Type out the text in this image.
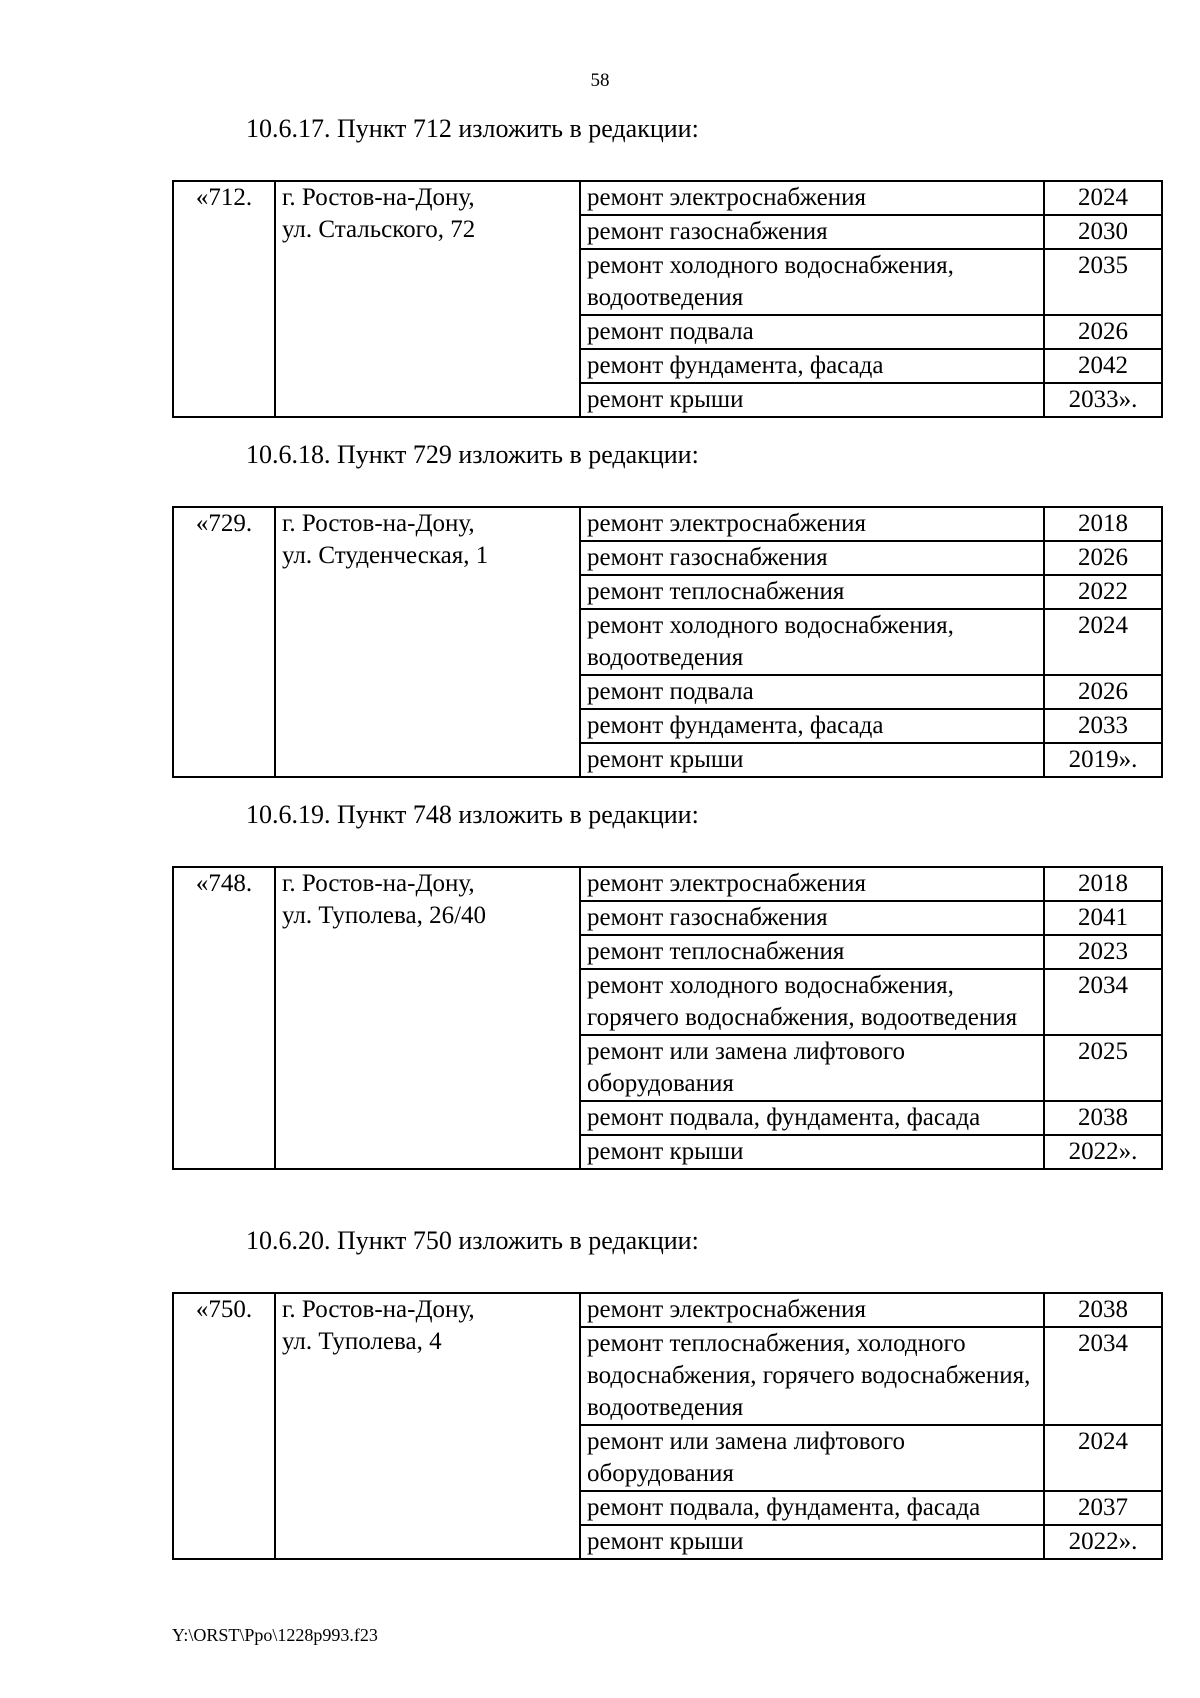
58
10.6.17. Пункт 712 изложить в редакции:
«712.	г. Ростов-на-Дону,
ул. Стальского, 72	ремонт электроснабжения	2024
		ремонт газоснабжения	2030
		ремонт холодного водоснабжения, водоотведения	2035
		ремонт подвала	2026
		ремонт фундамента, фасада	2042
		ремонт крыши	2033».
10.6.18. Пункт 729 изложить в редакции:
«729.	г. Ростов-на-Дону,
ул. Студенческая, 1	ремонт электроснабжения	2018
		ремонт газоснабжения	2026
		ремонт теплоснабжения	2022
		ремонт холодного водоснабжения, водоотведения	2024
		ремонт подвала	2026
		ремонт фундамента, фасада	2033
		ремонт крыши	2019».
10.6.19. Пункт 748 изложить в редакции:
«748.	г. Ростов-на-Дону,
ул. Туполева, 26/40	ремонт электроснабжения	2018
		ремонт газоснабжения	2041
		ремонт теплоснабжения	2023
		ремонт холодного водоснабжения, горячего водоснабжения, водоотведения	2034
		ремонт или замена лифтового оборудования	2025
		ремонт подвала, фундамента, фасада	2038
		ремонт крыши	2022».
10.6.20. Пункт 750 изложить в редакции:
«750.	г. Ростов-на-Дону,
ул. Туполева, 4	ремонт электроснабжения	2038
		ремонт теплоснабжения, холодного водоснабжения, горячего водоснабжения, водоотведения	2034
		ремонт или замена лифтового оборудования	2024
		ремонт подвала, фундамента, фасада	2037
		ремонт крыши	2022».
Y:\ORST\Ppo\1228p993.f23
